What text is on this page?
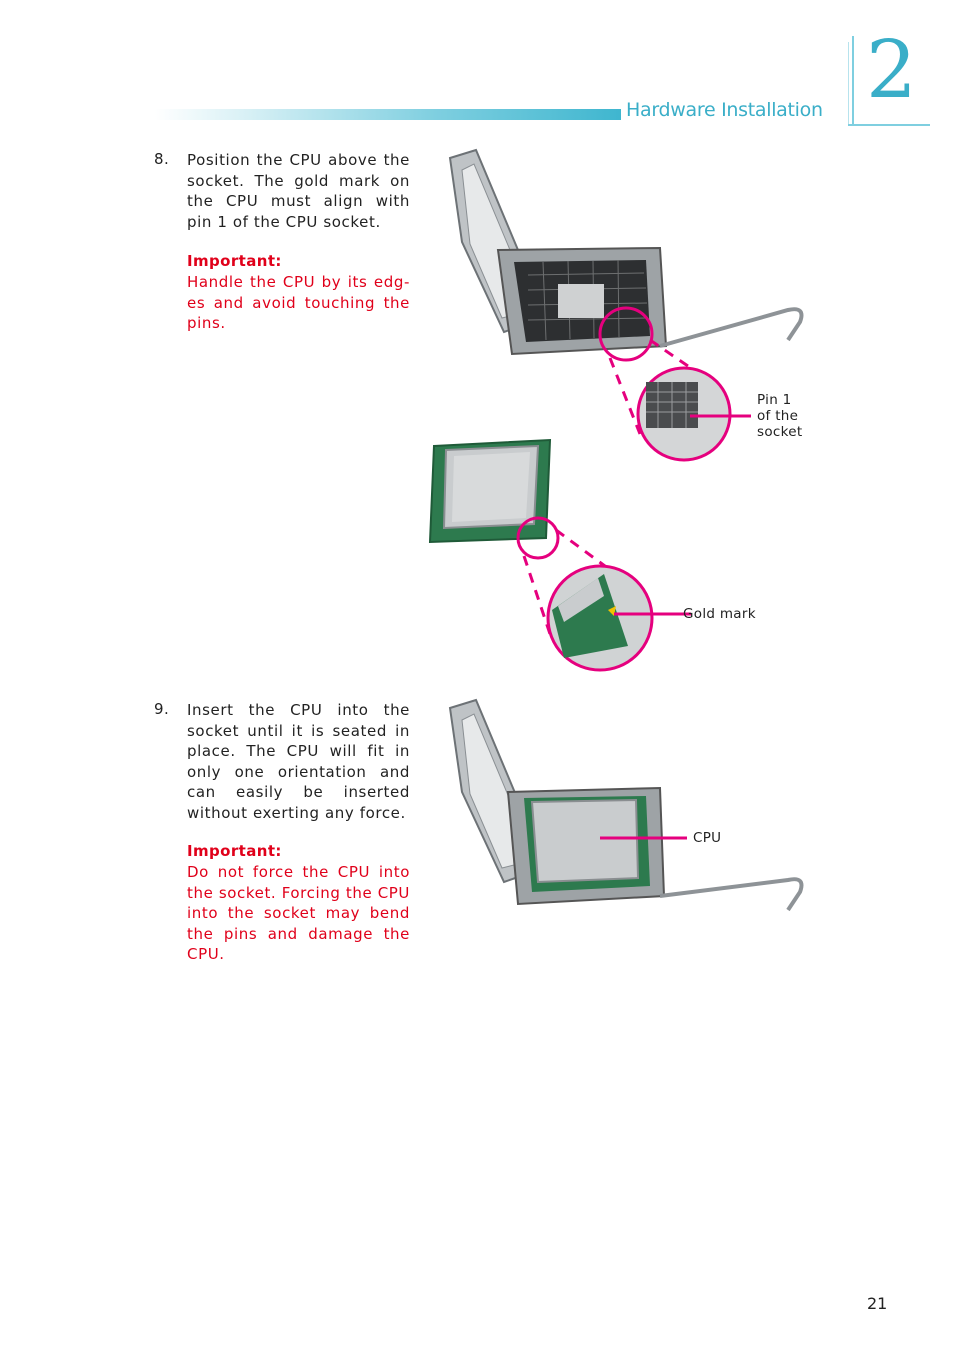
Hardware Installation 2
8. Position the CPU above the socket. The gold mark on the CPU must align with pin 1 of the CPU socket.
Important:
Handle the CPU by its edg-es and avoid touching the pins.
Pin 1
of the
socket
Gold mark
9. Insert the CPU into the socket until it is seated in place. The CPU will fit in only one orientation and can easily be inserted without exerting any force.
Important:
Do not force the CPU into the socket. Forcing the CPU into the socket may bend the pins and damage the CPU.
CPU
21
